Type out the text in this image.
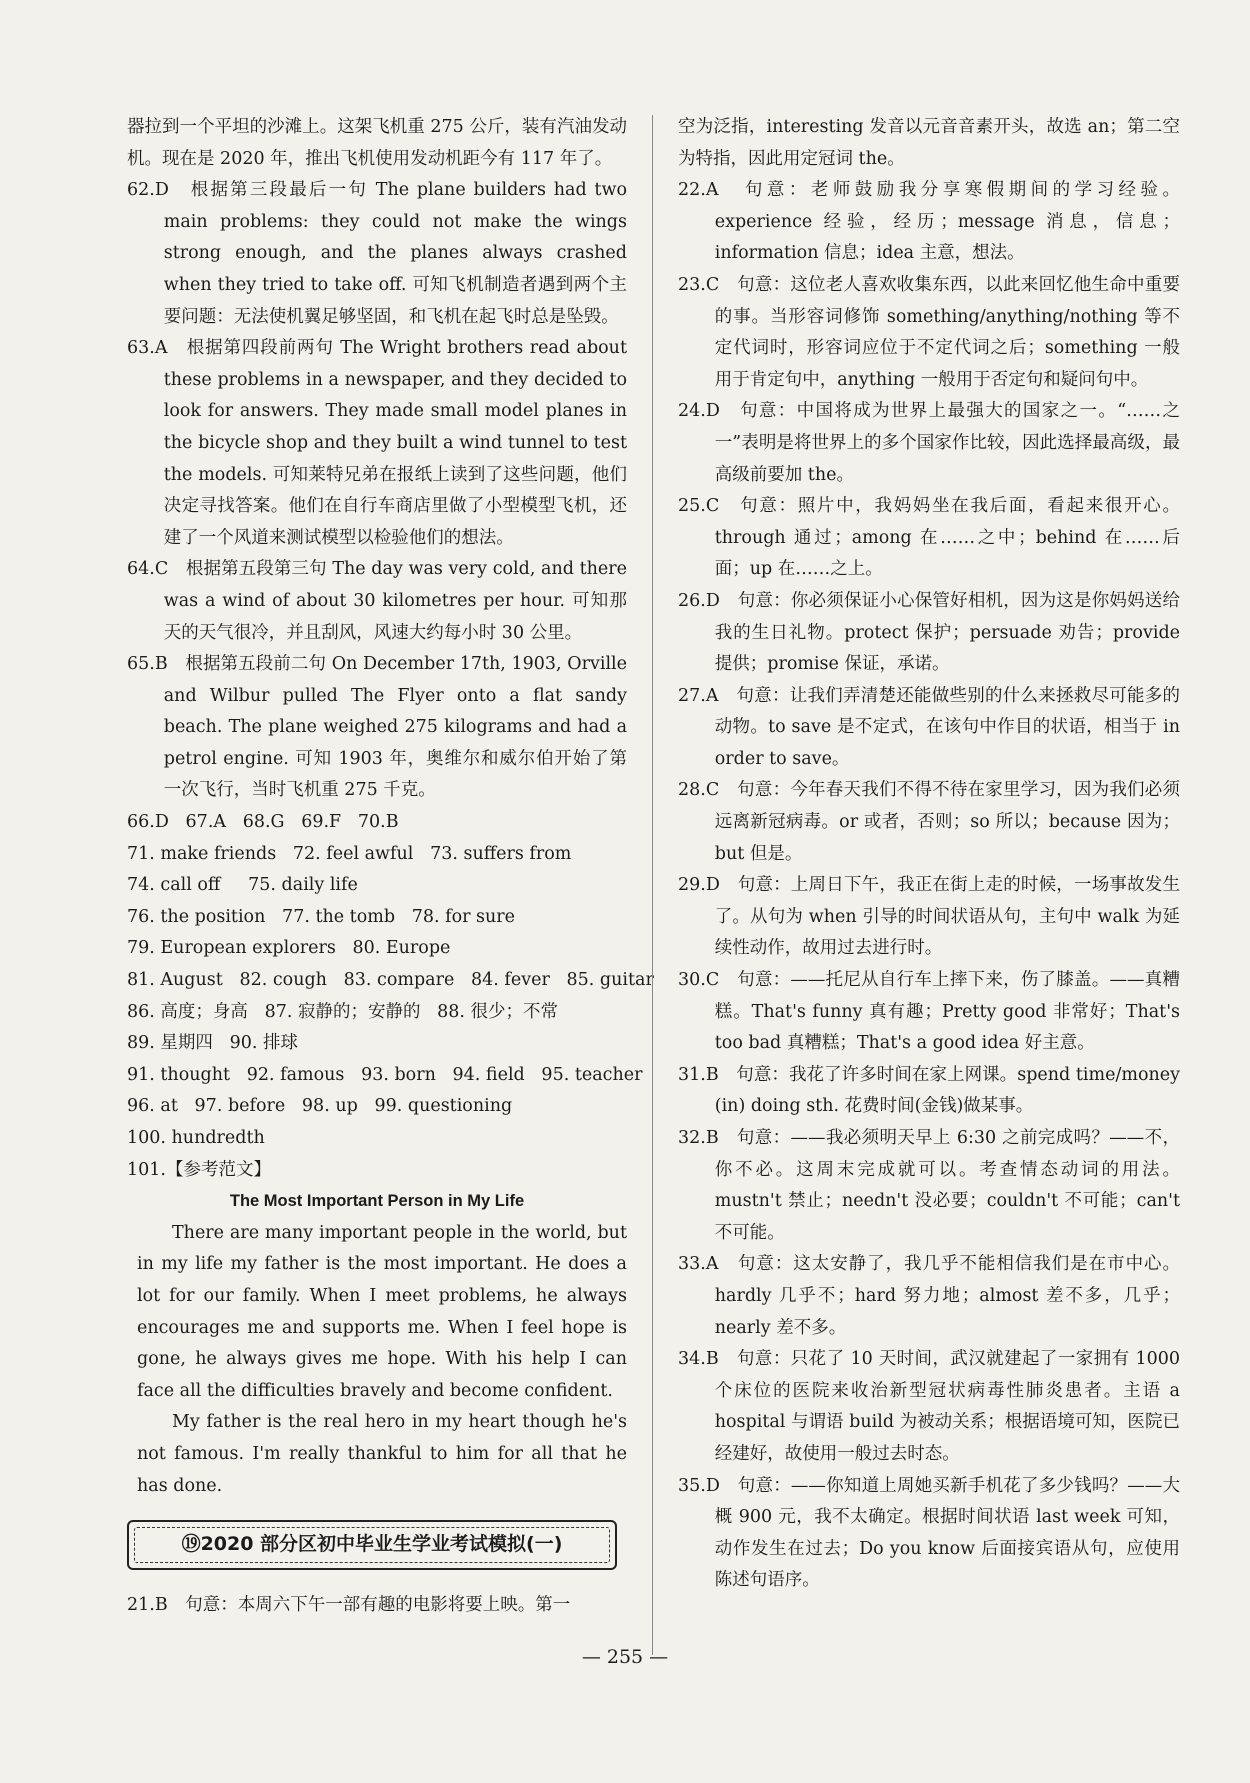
器拉到一个平坦的沙滩上。这架飞机重 275 公斤，装有汽油发动机。现在是 2020 年，推出飞机使用发动机距今有 117 年了。

62.D　根据第三段最后一句 The plane builders had two main problems: they could not make the wings strong enough, and the planes always crashed when they tried to take off. 可知飞机制造者遇到两个主要问题：无法使机翼足够坚固，和飞机在起飞时总是坠毁。

63.A　根据第四段前两句 The Wright brothers read about these problems in a newspaper, and they decided to look for answers. They made small model planes in the bicycle shop and they built a wind tunnel to test the models. 可知莱特兄弟在报纸上读到了这些问题，他们决定寻找答案。他们在自行车商店里做了小型模型飞机，还建了一个风道来测试模型以检验他们的想法。

64.C　根据第五段第三句 The day was very cold, and there was a wind of about 30 kilometres per hour. 可知那天的天气很冷，并且刮风，风速大约每小时 30 公里。

65.B　根据第五段前二句 On December 17th, 1903, Orville and Wilbur pulled The Flyer onto a flat sandy beach. The plane weighed 275 kilograms and had a petrol engine. 可知 1903 年，奥维尔和威尔伯开始了第一次飞行，当时飞机重 275 千克。

66.D   67.A   68.G   69.F   70.B

71. make friends   72. feel awful   73. suffers from

74. call off     75. daily life

76. the position   77. the tomb   78. for sure

79. European explorers   80. Europe

81. August   82. cough   83. compare   84. fever   85. guitar

86. 高度；身高   87. 寂静的；安静的   88. 很少；不常

89. 星期四   90. 排球

91. thought   92. famous   93. born   94. field   95. teacher

96. at   97. before   98. up   99. questioning

100. hundredth

101.【参考范文】

The Most Important Person in My Life

There are many important people in the world, but in my life my father is the most important. He does a lot for our family. When I meet problems, he always encourages me and supports me. When I feel hope is gone, he always gives me hope. With his help I can face all the difficulties bravely and become confident.

My father is the real hero in my heart though he's not famous. I'm really thankful to him for all that he has done.

⑲2020 部分区初中毕业生学业考试模拟(一)

21.B　句意：本周六下午一部有趣的电影将要上映。第一

空为泛指，interesting 发音以元音音素开头，故选 an；第二空为特指，因此用定冠词 the。

22.A　句意：老师鼓励我分享寒假期间的学习经验。experience 经验，经历；message 消息，信息；information 信息；idea 主意，想法。

23.C　句意：这位老人喜欢收集东西，以此来回忆他生命中重要的事。当形容词修饰 something/anything/nothing 等不定代词时，形容词应位于不定代词之后；something 一般用于肯定句中，anything 一般用于否定句和疑问句中。

24.D　句意：中国将成为世界上最强大的国家之一。“……之一”表明是将世界上的多个国家作比较，因此选择最高级，最高级前要加 the。

25.C　句意：照片中，我妈妈坐在我后面，看起来很开心。through 通过；among 在……之中；behind 在……后面；up 在……之上。

26.D　句意：你必须保证小心保管好相机，因为这是你妈妈送给我的生日礼物。protect 保护；persuade 劝告；provide 提供；promise 保证，承诺。

27.A　句意：让我们弄清楚还能做些别的什么来拯救尽可能多的动物。to save 是不定式，在该句中作目的状语，相当于 in order to save。

28.C　句意：今年春天我们不得不待在家里学习，因为我们必须远离新冠病毒。or 或者，否则；so 所以；because 因为；but 但是。

29.D　句意：上周日下午，我正在街上走的时候，一场事故发生了。从句为 when 引导的时间状语从句，主句中 walk 为延续性动作，故用过去进行时。

30.C　句意：——托尼从自行车上摔下来，伤了膝盖。——真糟糕。That's funny 真有趣；Pretty good 非常好；That's too bad 真糟糕；That's a good idea 好主意。

31.B　句意：我花了许多时间在家上网课。spend time/money (in) doing sth. 花费时间(金钱)做某事。

32.B　句意：——我必须明天早上 6:30 之前完成吗？——不，你不必。这周末完成就可以。考查情态动词的用法。mustn't 禁止；needn't 没必要；couldn't 不可能；can't 不可能。

33.A　句意：这太安静了，我几乎不能相信我们是在市中心。hardly 几乎不；hard 努力地；almost 差不多，几乎；nearly 差不多。

34.B　句意：只花了 10 天时间，武汉就建起了一家拥有 1000 个床位的医院来收治新型冠状病毒性肺炎患者。主语 a hospital 与谓语 build 为被动关系；根据语境可知，医院已经建好，故使用一般过去时态。

35.D　句意：——你知道上周她买新手机花了多少钱吗？——大概 900 元，我不太确定。根据时间状语 last week 可知，动作发生在过去；Do you know 后面接宾语从句，应使用陈述句语序。

— 255 —
